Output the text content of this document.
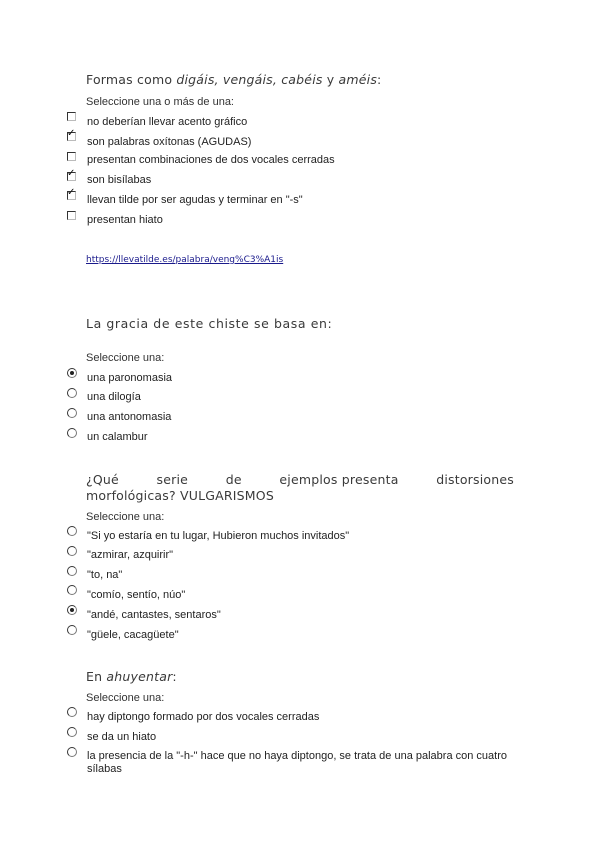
Formas como digáis, vengáis, cabéis y améis:
Seleccione una o más de una:
no deberían llevar acento gráfico
✓
son palabras oxítonas (AGUDAS)
presentan combinaciones de dos vocales cerradas
✓
son bisílabas
✓
llevan tilde por ser agudas y terminar en "-s"
presentan hiato
https://llevatilde.es/palabra/veng%C3%A1is
La gracia de este chiste se basa en:
Seleccione una:
una paronomasia
una dilogía
una antonomasia
un calambur
¿Qué	serie	de	ejemplos presenta	distorsiones
morfológicas? VULGARISMOS
Seleccione una:
"Si yo estaría en tu lugar, Hubieron muchos invitados"
"azmirar, azquirir"
"to, na"
"comío, sentío, núo"
"andé, cantastes, sentaros"
"güele, cacagüete"
En ahuyentar:
Seleccione una:
hay diptongo formado por dos vocales cerradas
se da un hiato
la presencia de la "-h-" hace que no haya diptongo, se trata de una palabra con cuatro
sílabas
